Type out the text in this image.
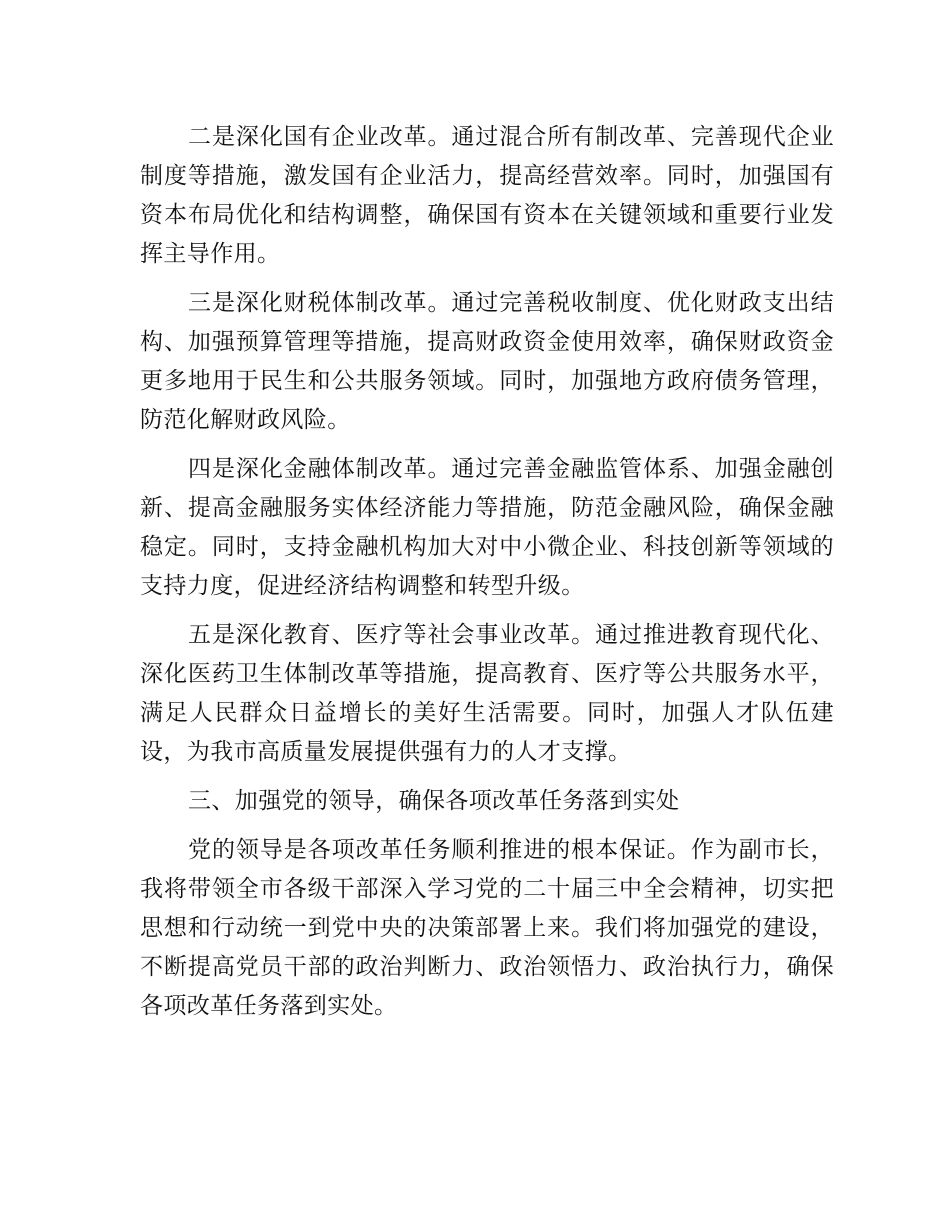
二是深化国有企业改革。通过混合所有制改革、完善现代企业制度等措施，激发国有企业活力，提高经营效率。同时，加强国有资本布局优化和结构调整，确保国有资本在关键领域和重要行业发挥主导作用。

三是深化财税体制改革。通过完善税收制度、优化财政支出结构、加强预算管理等措施，提高财政资金使用效率，确保财政资金更多地用于民生和公共服务领域。同时，加强地方政府债务管理，防范化解财政风险。

四是深化金融体制改革。通过完善金融监管体系、加强金融创新、提高金融服务实体经济能力等措施，防范金融风险，确保金融稳定。同时，支持金融机构加大对中小微企业、科技创新等领域的支持力度，促进经济结构调整和转型升级。

五是深化教育、医疗等社会事业改革。通过推进教育现代化、深化医药卫生体制改革等措施，提高教育、医疗等公共服务水平，满足人民群众日益增长的美好生活需要。同时，加强人才队伍建设，为我市高质量发展提供强有力的人才支撑。

三、加强党的领导，确保各项改革任务落到实处

党的领导是各项改革任务顺利推进的根本保证。作为副市长，我将带领全市各级干部深入学习党的二十届三中全会精神，切实把思想和行动统一到党中央的决策部署上来。我们将加强党的建设，不断提高党员干部的政治判断力、政治领悟力、政治执行力，确保各项改革任务落到实处。
